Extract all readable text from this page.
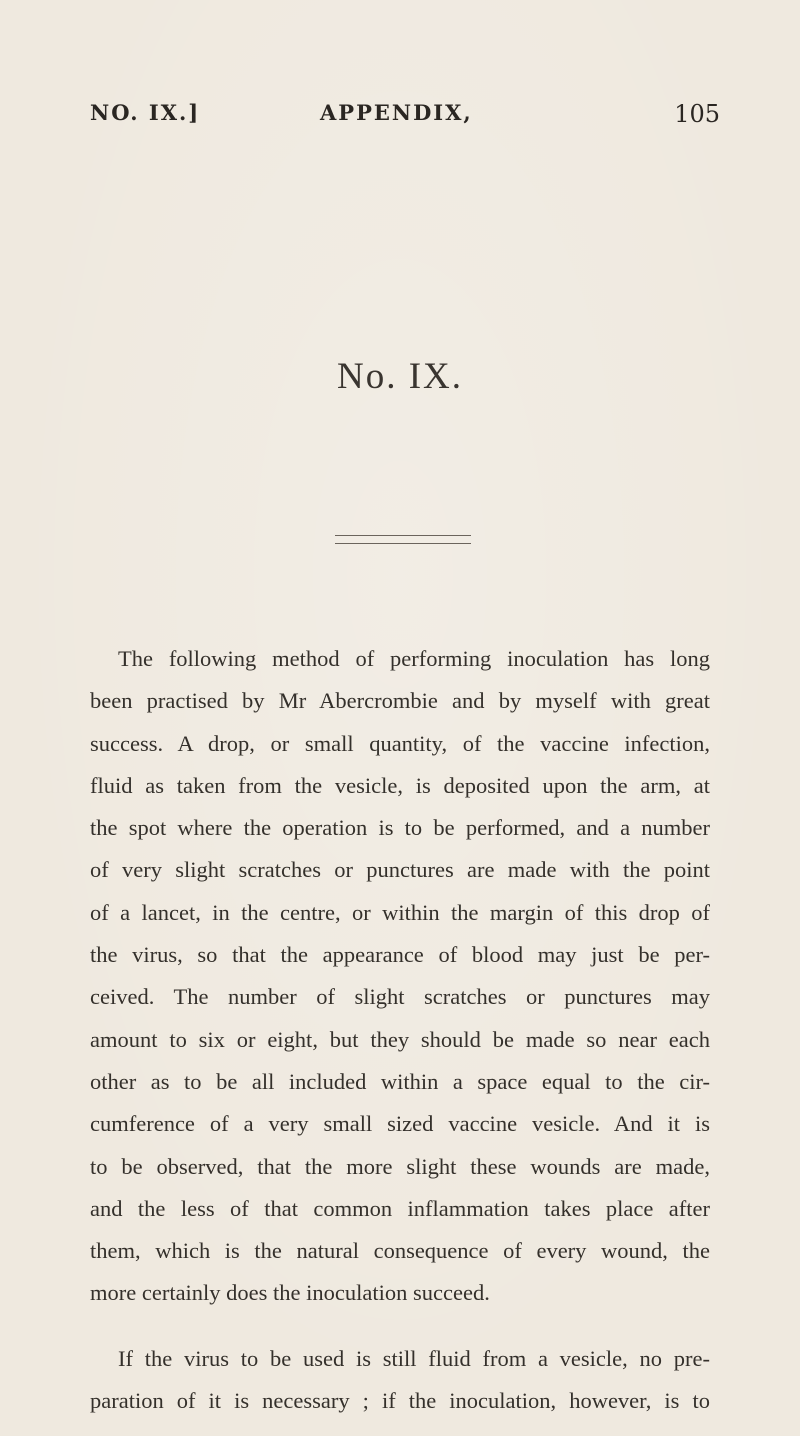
NO. IX.]	APPENDIX,	105
No. IX.
The following method of performing inoculation has long
been practised by Mr Abercrombie and by myself with great
success. A drop, or small quantity, of the vaccine infection,
fluid as taken from the vesicle, is deposited upon the arm, at
the spot where the operation is to be performed, and a number
of very slight scratches or punctures are made with the point
of a lancet, in the centre, or within the margin of this drop of
the virus, so that the appearance of blood may just be per-
ceived. The number of slight scratches or punctures may
amount to six or eight, but they should be made so near each
other as to be all included within a space equal to the cir-
cumference of a very small sized vaccine vesicle. And it is
to be observed, that the more slight these wounds are made,
and the less of that common inflammation takes place after
them, which is the natural consequence of every wound, the
more certainly does the inoculation succeed.
If the virus to be used is still fluid from a vesicle, no pre-
paration of it is necessary ; if the inoculation, however, is to
